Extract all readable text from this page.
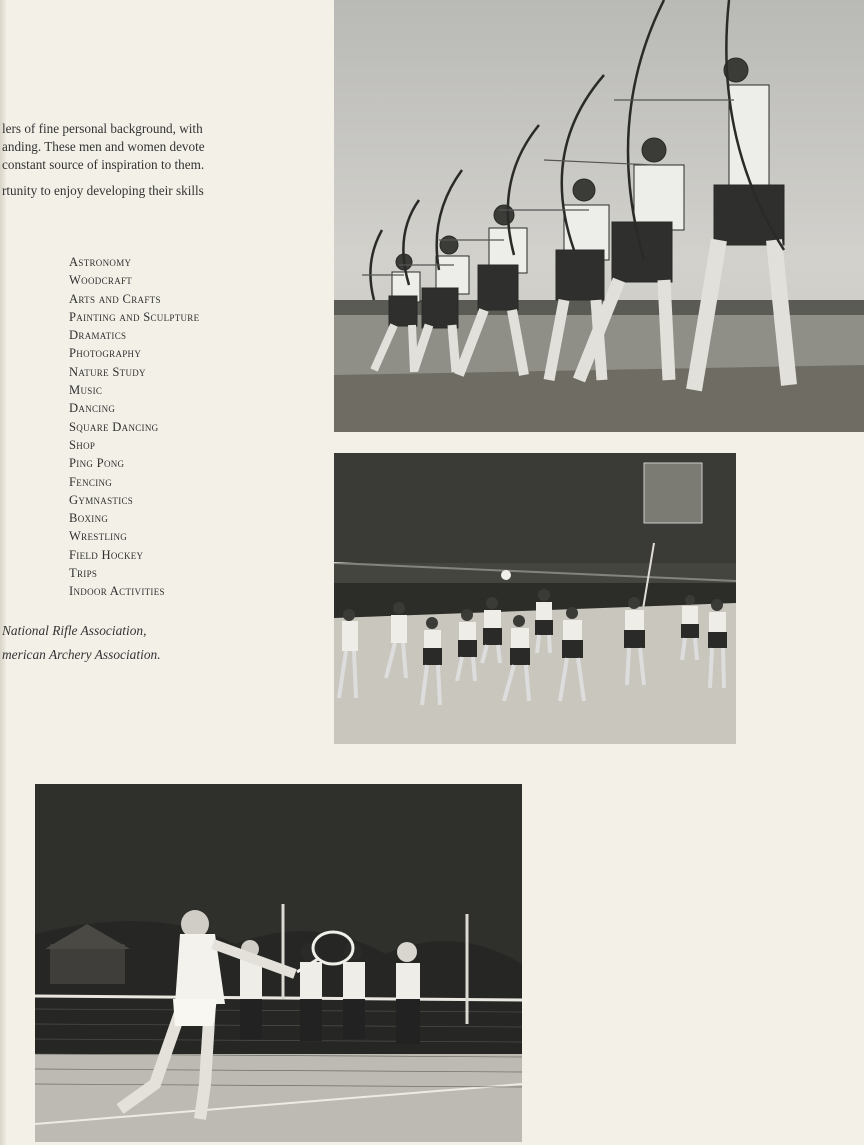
lers of fine personal background, with

anding. These men and women devote

constant source of inspiration to them.

rtunity to enjoy developing their skills

Astronomy
Woodcraft
Arts and Crafts
Painting and Sculpture
Dramatics
Photography
Nature Study
Music
Dancing
Square Dancing
Shop
Ping Pong
Fencing
Gymnastics
Boxing
Wrestling
Field Hockey
Trips
Indoor Activities
National Rifle Association,
merican Archery Association.
